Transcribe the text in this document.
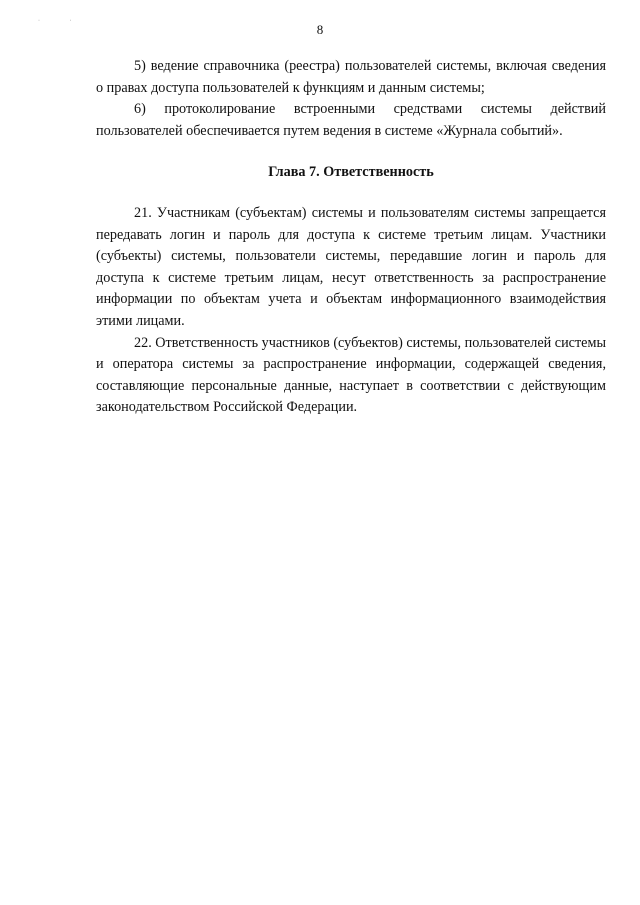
· ·
8

5) ведение справочника (реестра) пользователей системы, включая сведения о правах доступа пользователей к функциям и данным системы;

6) протоколирование встроенными средствами системы действий пользователей обеспечивается путем ведения в системе «Журнала событий».

Глава 7. Ответственность

21. Участникам (субъектам) системы и пользователям системы запрещается передавать логин и пароль для доступа к системе третьим лицам. Участники (субъекты) системы, пользователи системы, передавшие логин и пароль для доступа к системе третьим лицам, несут ответственность за распространение информации по объектам учета и объектам информационного взаимодействия этими лицами.

22. Ответственность участников (субъектов) системы, пользователей системы и оператора системы за распространение информации, содержащей сведения, составляющие персональные данные, наступает в соответствии с действующим законодательством Российской Федерации.
